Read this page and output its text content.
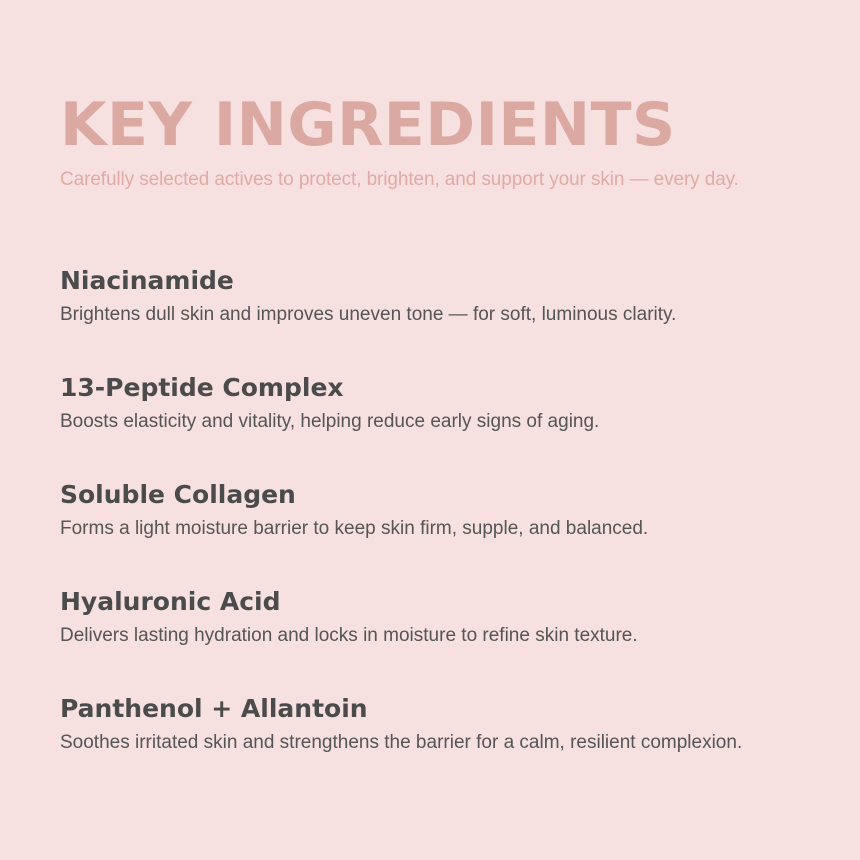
KEY INGREDIENTS

Carefully selected actives to protect, brighten, and support your skin — every day.

Niacinamide

Brightens dull skin and improves uneven tone — for soft, luminous clarity.

13-Peptide Complex

Boosts elasticity and vitality, helping reduce early signs of aging.

Soluble Collagen

Forms a light moisture barrier to keep skin firm, supple, and balanced.

Hyaluronic Acid

Delivers lasting hydration and locks in moisture to refine skin texture.

Panthenol + Allantoin

Soothes irritated skin and strengthens the barrier for a calm, resilient complexion.
